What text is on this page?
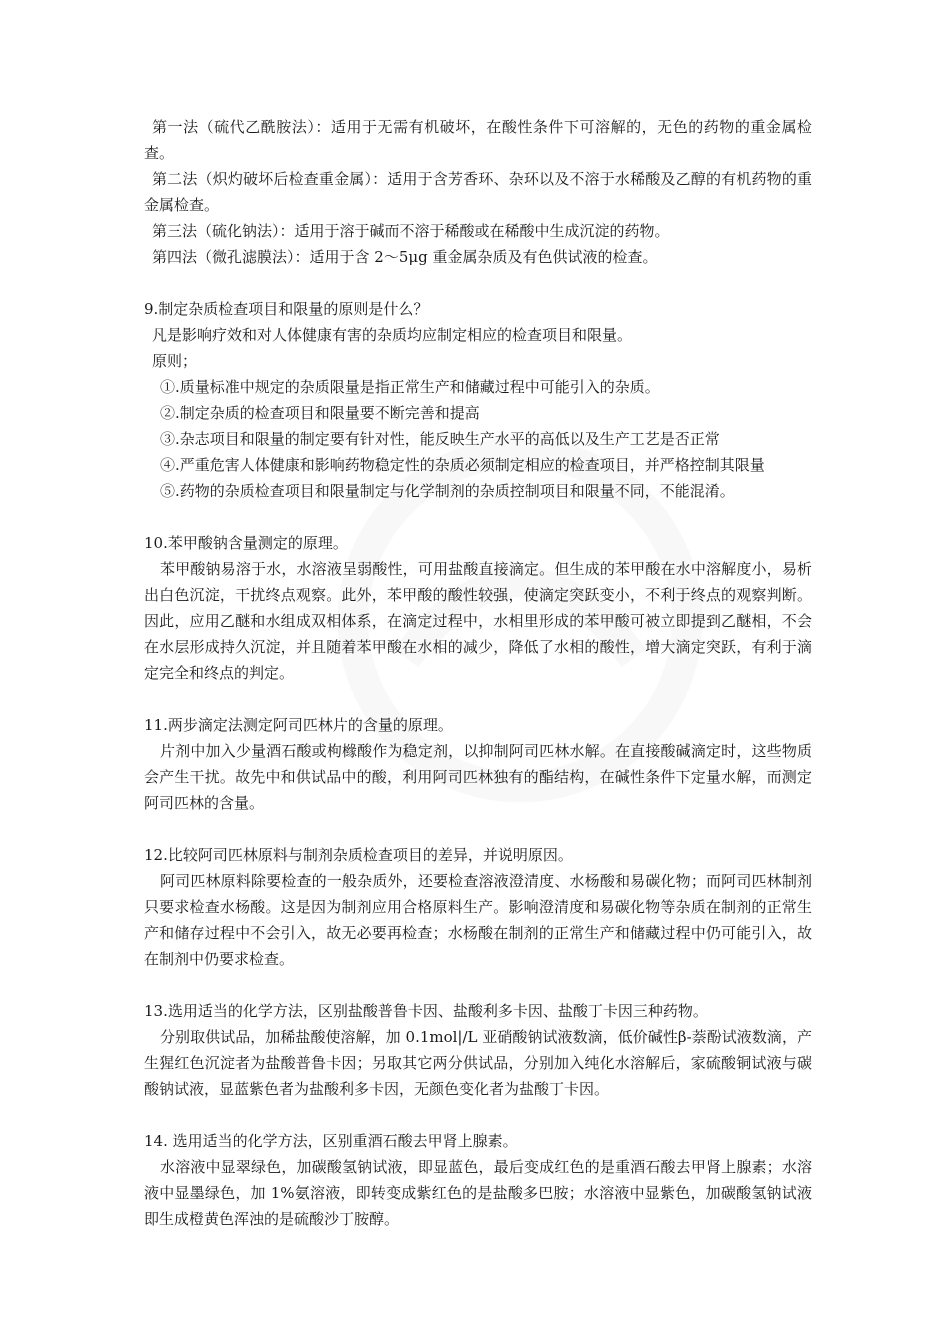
第一法（硫代乙酰胺法）：适用于无需有机破坏，在酸性条件下可溶解的，无色的药物的重金属检查。

第二法（炽灼破坏后检查重金属）：适用于含芳香环、杂环以及不溶于水稀酸及乙醇的有机药物的重金属检查。

第三法（硫化钠法）：适用于溶于碱而不溶于稀酸或在稀酸中生成沉淀的药物。

第四法（微孔滤膜法）：适用于含 2～5μg 重金属杂质及有色供试液的检查。

9.制定杂质检查项目和限量的原则是什么？

凡是影响疗效和对人体健康有害的杂质均应制定相应的检查项目和限量。

原则；

①.质量标准中规定的杂质限量是指正常生产和储藏过程中可能引入的杂质。

②.制定杂质的检查项目和限量要不断完善和提高

③.杂志项目和限量的制定要有针对性，能反映生产水平的高低以及生产工艺是否正常

④.严重危害人体健康和影响药物稳定性的杂质必须制定相应的检查项目，并严格控制其限量

⑤.药物的杂质检查项目和限量制定与化学制剂的杂质控制项目和限量不同，不能混淆。

10.苯甲酸钠含量测定的原理。

苯甲酸钠易溶于水，水溶液呈弱酸性，可用盐酸直接滴定。但生成的苯甲酸在水中溶解度小，易析出白色沉淀，干扰终点观察。此外，苯甲酸的酸性较强，使滴定突跃变小，不利于终点的观察判断。因此，应用乙醚和水组成双相体系，在滴定过程中，水相里形成的苯甲酸可被立即提到乙醚相，不会在水层形成持久沉淀，并且随着苯甲酸在水相的减少，降低了水相的酸性，增大滴定突跃，有利于滴定完全和终点的判定。

11.两步滴定法测定阿司匹林片的含量的原理。

片剂中加入少量酒石酸或枸橼酸作为稳定剂，以抑制阿司匹林水解。在直接酸碱滴定时，这些物质会产生干扰。故先中和供试品中的酸，利用阿司匹林独有的酯结构，在碱性条件下定量水解，而测定阿司匹林的含量。

12.比较阿司匹林原料与制剂杂质检查项目的差异，并说明原因。

阿司匹林原料除要检查的一般杂质外，还要检查溶液澄清度、水杨酸和易碳化物；而阿司匹林制剂只要求检查水杨酸。这是因为制剂应用合格原料生产。影响澄清度和易碳化物等杂质在制剂的正常生产和储存过程中不会引入，故无必要再检查；水杨酸在制剂的正常生产和储藏过程中仍可能引入，故在制剂中仍要求检查。

13.选用适当的化学方法，区别盐酸普鲁卡因、盐酸利多卡因、盐酸丁卡因三种药物。

分别取供试品，加稀盐酸使溶解，加 0.1mol|/L 亚硝酸钠试液数滴，低价碱性β-萘酚试液数滴，产生猩红色沉淀者为盐酸普鲁卡因；另取其它两分供试品，分别加入纯化水溶解后，家硫酸铜试液与碳酸钠试液，显蓝紫色者为盐酸利多卡因，无颜色变化者为盐酸丁卡因。

14. 选用适当的化学方法，区别重酒石酸去甲肾上腺素。

水溶液中显翠绿色，加碳酸氢钠试液，即显蓝色，最后变成红色的是重酒石酸去甲肾上腺素；水溶液中显墨绿色，加 1%氨溶液，即转变成紫红色的是盐酸多巴胺；水溶液中显紫色，加碳酸氢钠试液即生成橙黄色浑浊的是硫酸沙丁胺醇。
